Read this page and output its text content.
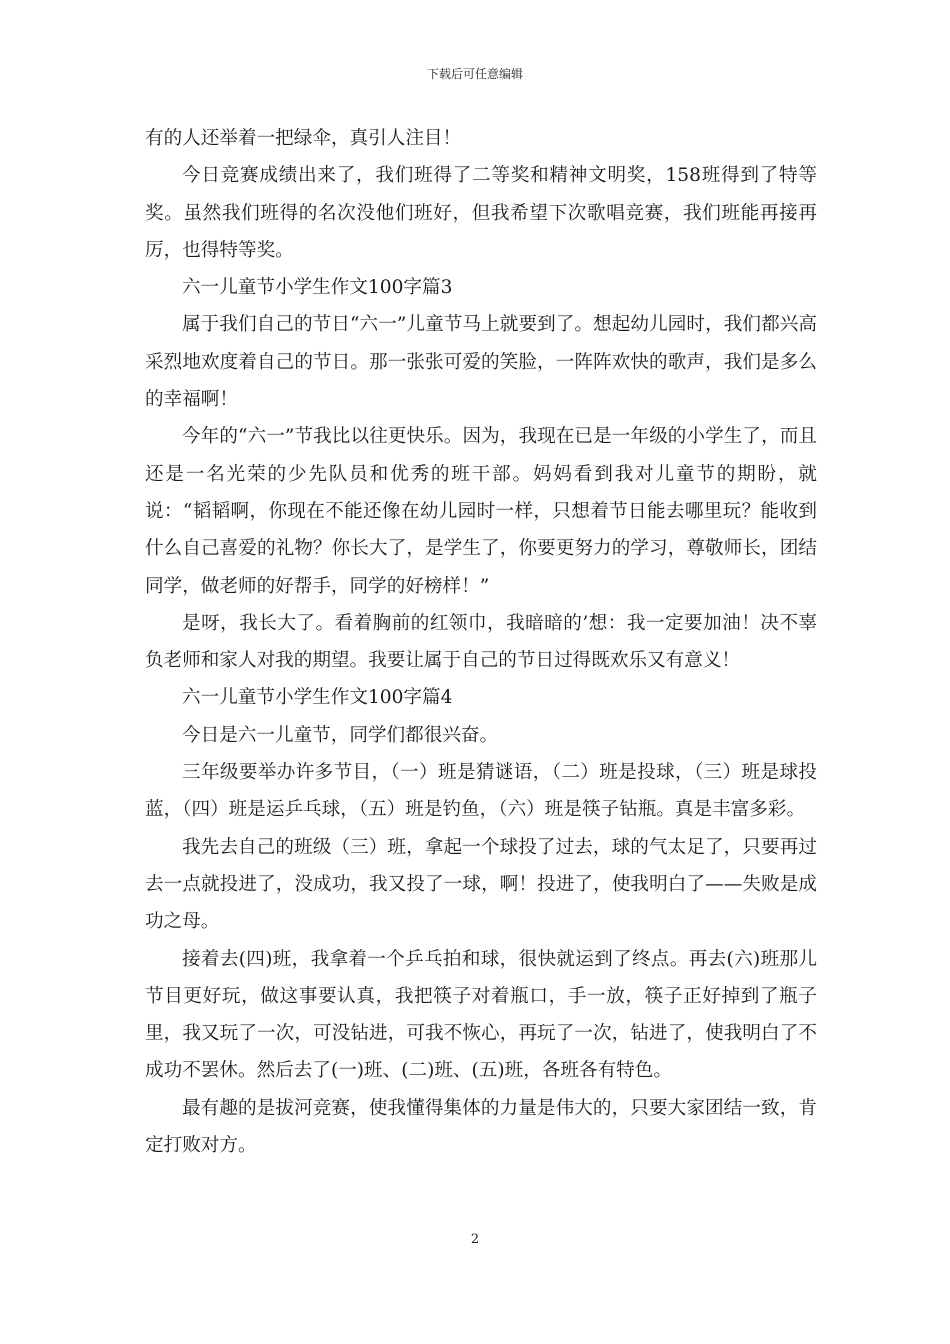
下载后可任意编辑

有的人还举着一把绿伞，真引人注目！

今日竞赛成绩出来了，我们班得了二等奖和精神文明奖，158班得到了特等奖。虽然我们班得的名次没他们班好，但我希望下次歌唱竞赛，我们班能再接再厉，也得特等奖。

六一儿童节小学生作文100字篇3

属于我们自己的节日“六一”儿童节马上就要到了。想起幼儿园时，我们都兴高采烈地欢度着自己的节日。那一张张可爱的笑脸，一阵阵欢快的歌声，我们是多么的幸福啊！

今年的“六一”节我比以往更快乐。因为，我现在已是一年级的小学生了，而且还是一名光荣的少先队员和优秀的班干部。妈妈看到我对儿童节的期盼，就说：“韬韬啊，你现在不能还像在幼儿园时一样，只想着节日能去哪里玩？能收到什么自己喜爱的礼物？你长大了，是学生了，你要更努力的学习，尊敬师长，团结同学，做老师的好帮手，同学的好榜样！”

是呀，我长大了。看着胸前的红领巾，我暗暗的’想：我一定要加油！决不辜负老师和家人对我的期望。我要让属于自己的节日过得既欢乐又有意义！

六一儿童节小学生作文100字篇4

今日是六一儿童节，同学们都很兴奋。

三年级要举办许多节目，（一）班是猜谜语，（二）班是投球，（三）班是球投蓝，（四）班是运乒乓球，（五）班是钓鱼，（六）班是筷子钻瓶。真是丰富多彩。

我先去自己的班级（三）班，拿起一个球投了过去，球的气太足了，只要再过去一点就投进了，没成功，我又投了一球，啊！投进了，使我明白了——失败是成功之母。

接着去(四)班，我拿着一个乒乓拍和球，很快就运到了终点。再去(六)班那儿节目更好玩，做这事要认真，我把筷子对着瓶口，手一放，筷子正好掉到了瓶子里，我又玩了一次，可没钻进，可我不恢心，再玩了一次，钻进了，使我明白了不成功不罢休。然后去了(一)班、(二)班、(五)班，各班各有特色。

最有趣的是拔河竞赛，使我懂得集体的力量是伟大的，只要大家团结一致，肯定打败对方。

2
